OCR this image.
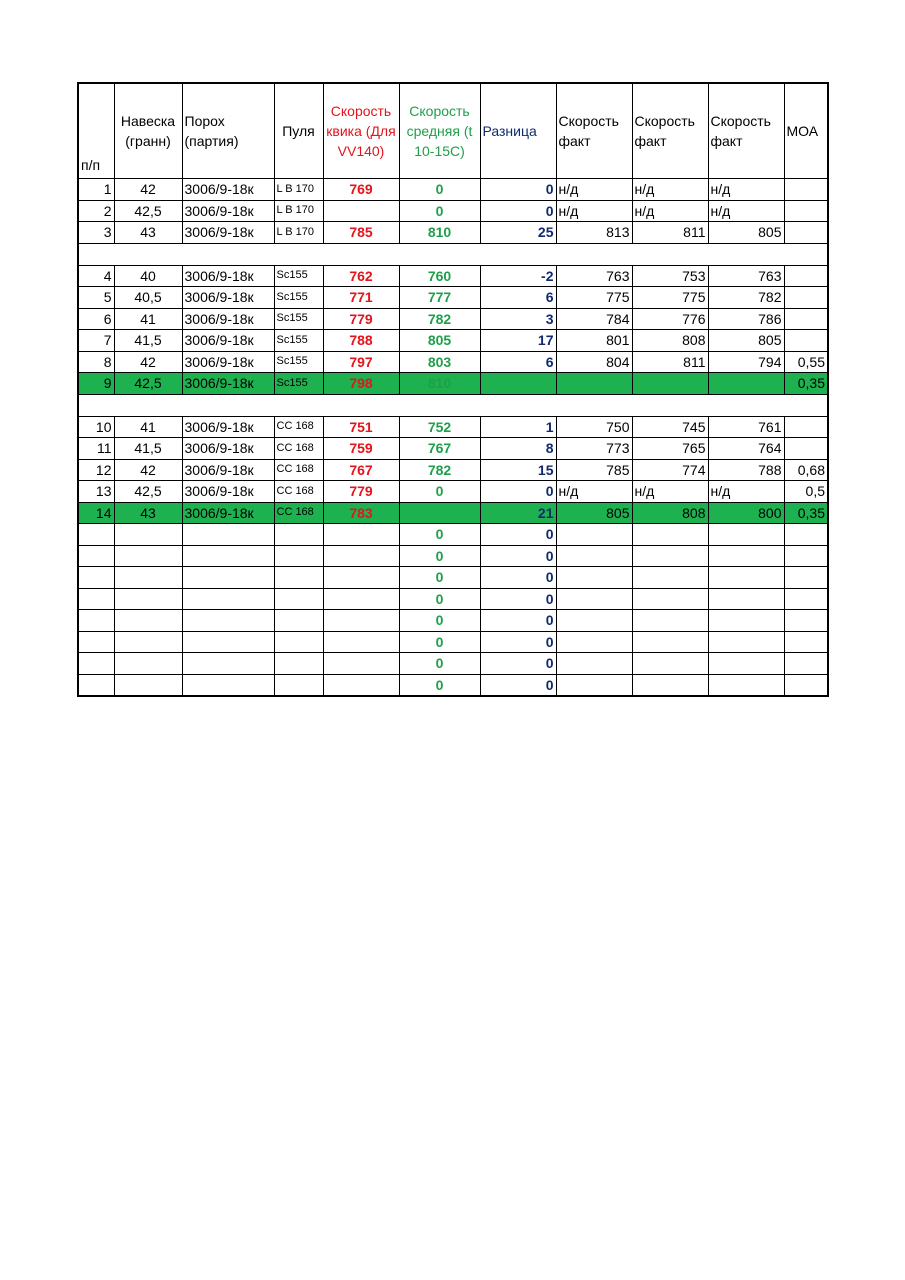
п/п	Навеска (гранн)	Порох (партия)	Пуля	Скорость квика (Для VV140)	Скорость средняя (t 10-15С)	Разница	Скорость факт	Скорость факт	Скорость факт	МОА
1	42	3006/9-18к	L B 170	769	0	0	н/д	н/д	н/д	
2	42,5	3006/9-18к	L B 170		0	0	н/д	н/д	н/д	
3	43	3006/9-18к	L B 170	785	810	25	813	811	805	

4	40	3006/9-18к	Sc155	762	760	-2	763	753	763	
5	40,5	3006/9-18к	Sc155	771	777	6	775	775	782	
6	41	3006/9-18к	Sc155	779	782	3	784	776	786	
7	41,5	3006/9-18к	Sc155	788	805	17	801	808	805	
8	42	3006/9-18к	Sc155	797	803	6	804	811	794	0,55
9	42,5	3006/9-18к	Sc155	798	810					0,35

10	41	3006/9-18к	CC 168	751	752	1	750	745	761	
11	41,5	3006/9-18к	CC 168	759	767	8	773	765	764	
12	42	3006/9-18к	CC 168	767	782	15	785	774	788	0,68
13	42,5	3006/9-18к	CC 168	779	0	0	н/д	н/д	н/д	0,5
14	43	3006/9-18к	CC 168	783		21	805	808	800	0,35
					0	0				
					0	0				
					0	0				
					0	0				
					0	0				
					0	0				
					0	0				
					0	0				
